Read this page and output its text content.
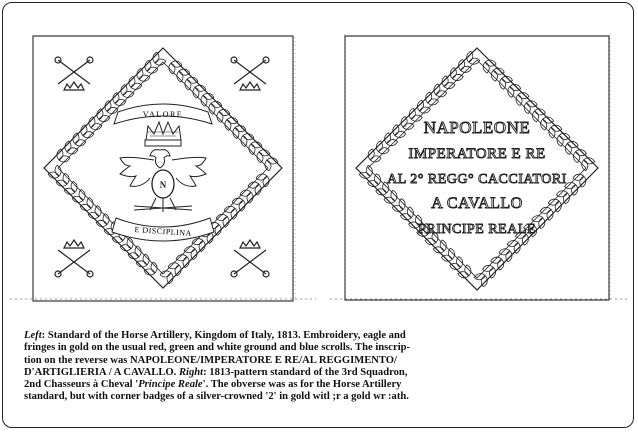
VALORE
N
E DISCIPLINA
NAPOLEONE
IMPERATORE E RE
AL 2° REGG° CACCIATORI
A CAVALLO
PRINCIPE REALE
Left: Standard of the Horse Artillery, Kingdom of Italy, 1813. Embroidery, eagle and
fringes in gold on the usual red, green and white ground and blue scrolls. The inscrip-
tion on the reverse was NAPOLEONE/IMPERATORE E RE/AL REGGIMENTO/
D'ARTIGLIERIA / A CAVALLO. Right: 1813-pattern standard of the 3rd Squadron,
2nd Chasseurs à Cheval 'Principe Reale'. The obverse was as for the Horse Artillery
standard, but with corner badges of a silver-crowned '2' in gold witl ;r a gold wr :ath.
